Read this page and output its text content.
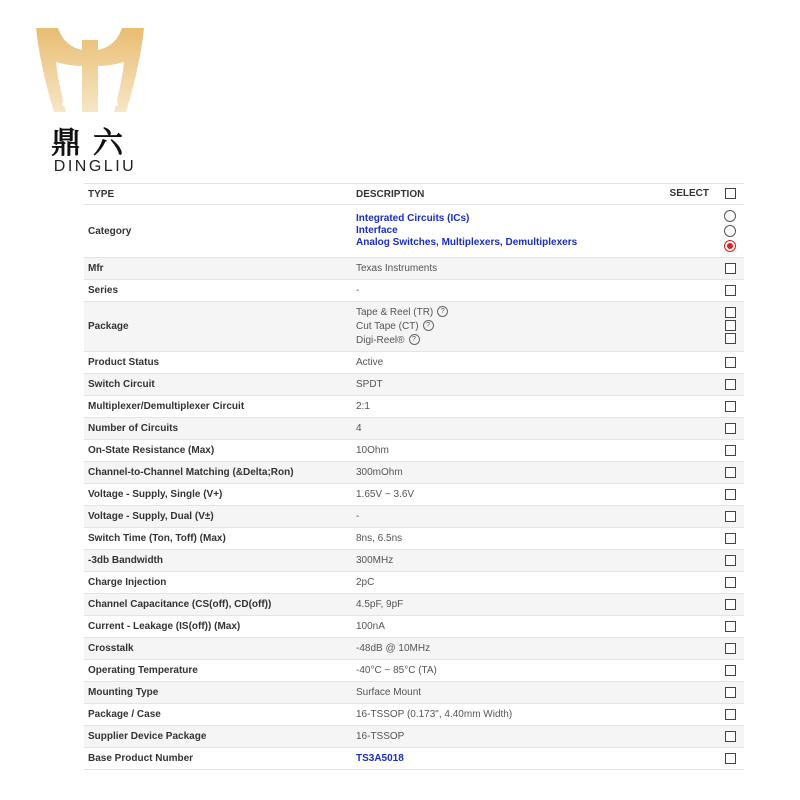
鼎六
DINGLIU
TYPE	DESCRIPTION	SELECT
Category	Integrated Circuits (ICs)
Interface
Analog Switches, Multiplexers, Demultiplexers	

Mfr	Texas Instruments	
Series	-	
Package	Tape & Reel (TR) ?
Cut Tape (CT) ?
Digi-Reel® ?	

Product Status	Active	
Switch Circuit	SPDT	
Multiplexer/Demultiplexer Circuit	2:1	
Number of Circuits	4	
On-State Resistance (Max)	10Ohm	
Channel-to-Channel Matching (&Delta;Ron)	300mOhm	
Voltage - Supply, Single (V+)	1.65V ~ 3.6V	
Voltage - Supply, Dual (V±)	-	
Switch Time (Ton, Toff) (Max)	8ns, 6.5ns	
-3db Bandwidth	300MHz	
Charge Injection	2pC	
Channel Capacitance (CS(off), CD(off))	4.5pF, 9pF	
Current - Leakage (IS(off)) (Max)	100nA	
Crosstalk	-48dB @ 10MHz	
Operating Temperature	-40°C ~ 85°C (TA)	
Mounting Type	Surface Mount	
Package / Case	16-TSSOP (0.173", 4.40mm Width)	
Supplier Device Package	16-TSSOP	
Base Product Number	TS3A5018	
